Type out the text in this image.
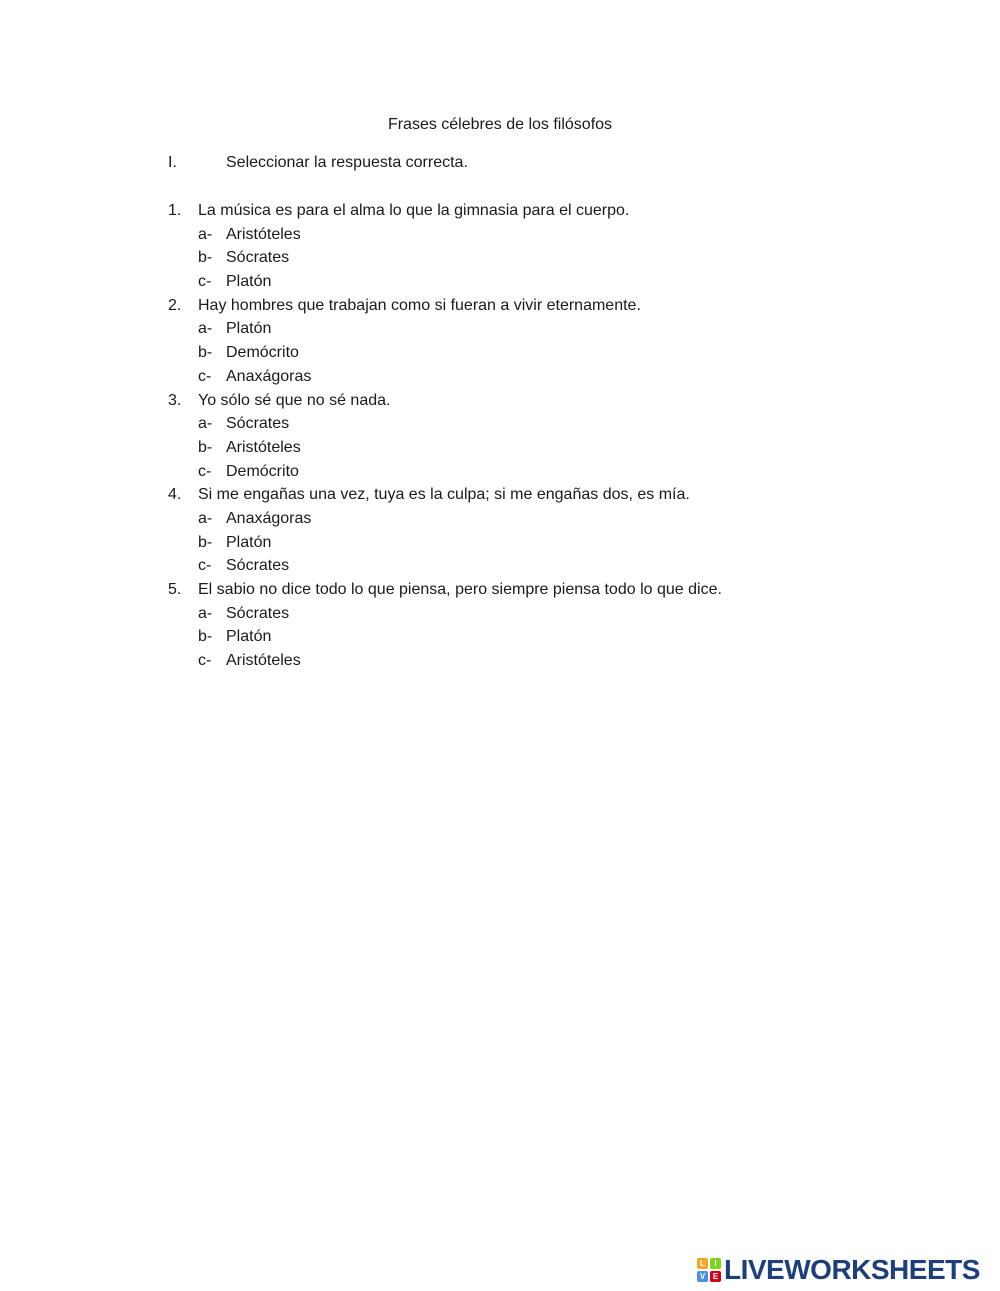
Frases célebres de los filósofos
I.	Seleccionar la respuesta correcta.
1. La música es para el alma lo que la gimnasia para el cuerpo.
a- Aristóteles
b- Sócrates
c- Platón
2. Hay hombres que trabajan como si fueran a vivir eternamente.
a- Platón
b- Demócrito
c- Anaxágoras
3. Yo sólo sé que no sé nada.
a- Sócrates
b- Aristóteles
c- Demócrito
4. Si me engañas una vez, tuya es la culpa; si me engañas dos, es mía.
a- Anaxágoras
b- Platón
c- Sócrates
5. El sabio no dice todo lo que piensa, pero siempre piensa todo lo que dice.
a- Sócrates
b- Platón
c- Aristóteles
L	I
V E LIVEWORKSHEETS
